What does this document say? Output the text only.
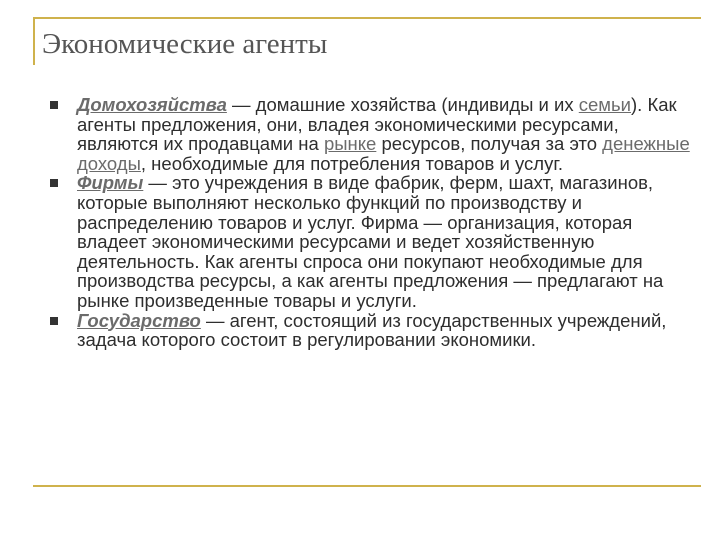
Экономические агенты
Домохозяйства — домашние хозяйства (индивиды и их семьи). Как агенты предложения, они, владея экономическими ресурсами, являются их продавцами на рынке ресурсов, получая за это денежные доходы, необходимые для потребления товаров и услуг.
Фирмы — это учреждения в виде фабрик, ферм, шахт, магазинов, которые выполняют несколько функций по производству и распределению товаров и услуг. Фирма — организация, которая владеет экономическими ресурсами и ведет хозяйственную деятельность. Как агенты спроса они покупают необходимые для производства ресурсы, а как агенты предложения — предлагают на рынке произведенные товары и услуги.
Государство — агент, состоящий из государственных учреждений, задача которого состоит в регулировании экономики.
